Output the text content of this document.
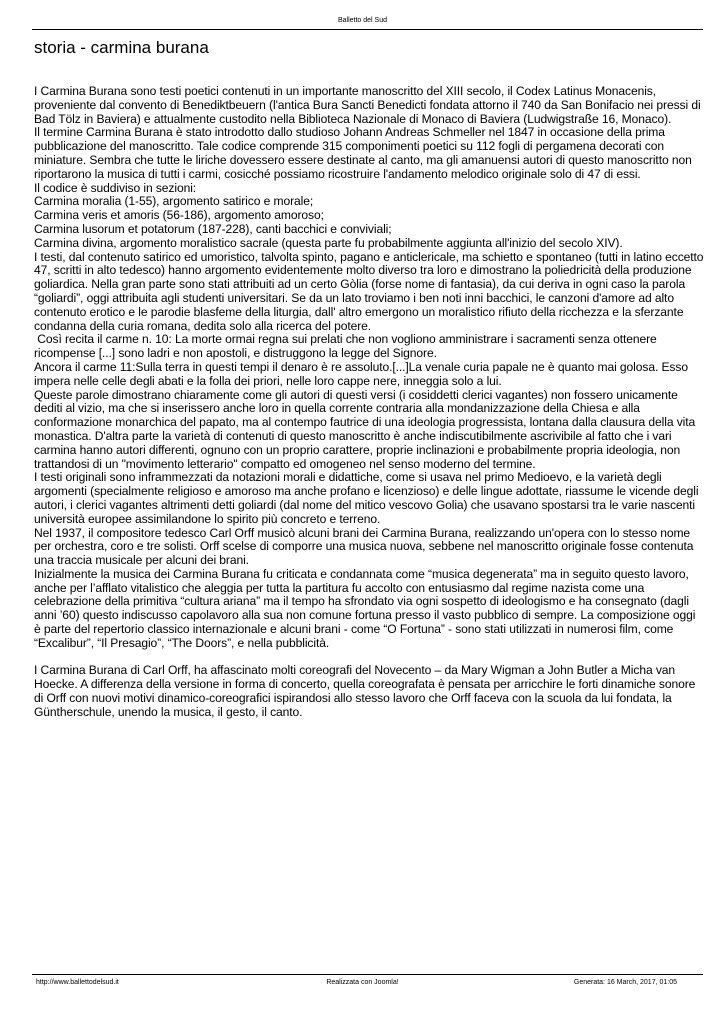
Balletto del Sud
storia - carmina burana

I Carmina Burana sono testi poetici contenuti in un importante manoscritto del XIII secolo, il Codex Latinus Monacenis, proveniente dal convento di Benediktbeuern (l'antica Bura Sancti Benedicti fondata attorno il 740 da San Bonifacio nei pressi di Bad Tölz in Baviera) e attualmente custodito nella Biblioteca Nazionale di Monaco di Baviera (Ludwigstraße 16, Monaco).

Il termine Carmina Burana è stato introdotto dallo studioso Johann Andreas Schmeller nel 1847 in occasione della prima pubblicazione del manoscritto. Tale codice comprende 315 componimenti poetici su 112 fogli di pergamena decorati con miniature. Sembra che tutte le liriche dovessero essere destinate al canto, ma gli amanuensi autori di questo manoscritto non riportarono la musica di tutti i carmi, cosicché possiamo ricostruire l'andamento melodico originale solo di 47 di essi.

Il codice è suddiviso in sezioni:

Carmina moralia (1-55), argomento satirico e morale;

Carmina veris et amoris (56-186), argomento amoroso;

Carmina lusorum et potatorum (187-228), canti bacchici e conviviali;

Carmina divina, argomento moralistico sacrale (questa parte fu probabilmente aggiunta all'inizio del secolo XIV).

I testi, dal contenuto satirico ed umoristico, talvolta spinto, pagano e anticlericale, ma schietto e spontaneo (tutti in latino eccetto 47, scritti in alto tedesco) hanno argomento evidentemente molto diverso tra loro e dimostrano la poliedricità della produzione goliardica. Nella gran parte sono stati attribuiti ad un certo Gòlia (forse nome di fantasia), da cui deriva in ogni caso la parola “goliardi”, oggi attribuita agli studenti universitari. Se da un lato troviamo i ben noti inni bacchici, le canzoni d'amore ad alto contenuto erotico e le parodie blasfeme della liturgia, dall' altro emergono un moralistico rifiuto della ricchezza e la sferzante condanna della curia romana, dedita solo alla ricerca del potere.

Così recita il carme n. 10: La morte ormai regna sui prelati che non vogliono amministrare i sacramenti senza ottenere ricompense [...] sono ladri e non apostoli, e distruggono la legge del Signore.

Ancora il carme 11:Sulla terra in questi tempi il denaro è re assoluto.[...]La venale curia papale ne è quanto mai golosa. Esso impera nelle celle degli abati e la folla dei priori, nelle loro cappe nere, inneggia solo a lui.

Queste parole dimostrano chiaramente come gli autori di questi versi (i cosiddetti clerici vagantes) non fossero unicamente dediti al vizio, ma che si inserissero anche loro in quella corrente contraria alla mondanizzazione della Chiesa e alla conformazione monarchica del papato, ma al contempo fautrice di una ideologia progressista, lontana dalla clausura della vita monastica. D'altra parte la varietà di contenuti di questo manoscritto è anche indiscutibilmente ascrivibile al fatto che i vari carmina hanno autori differenti, ognuno con un proprio carattere, proprie inclinazioni e probabilmente propria ideologia, non trattandosi di un "movimento letterario" compatto ed omogeneo nel senso moderno del termine.

I testi originali sono inframmezzati da notazioni morali e didattiche, come si usava nel primo Medioevo, e la varietà degli argomenti (specialmente religioso e amoroso ma anche profano e licenzioso) e delle lingue adottate, riassume le vicende degli autori, i clerici vagantes altrimenti detti goliardi (dal nome del mitico vescovo Golia) che usavano spostarsi tra le varie nascenti università europee assimilandone lo spirito più concreto e terreno.

Nel 1937, il compositore tedesco Carl Orff musicò alcuni brani dei Carmina Burana, realizzando un'opera con lo stesso nome per orchestra, coro e tre solisti. Orff scelse di comporre una musica nuova, sebbene nel manoscritto originale fosse contenuta una traccia musicale per alcuni dei brani.

Inizialmente la musica dei Carmina Burana fu criticata e condannata come “musica degenerata” ma in seguito questo lavoro, anche per l’afflato vitalistico che aleggia per tutta la partitura fu accolto con entusiasmo dal regime nazista come una celebrazione della primitiva “cultura ariana” ma il tempo ha sfrondato via ogni sospetto di ideologismo e ha consegnato (dagli anni ’60) questo indiscusso capolavoro alla sua non comune fortuna presso il vasto pubblico di sempre. La composizione oggi è parte del repertorio classico internazionale e alcuni brani - come “O Fortuna” - sono stati utilizzati in numerosi film, come “Excalibur”, “Il Presagio”, “The Doors”, e nella pubblicità.

I Carmina Burana di Carl Orff, ha affascinato molti coreografi del Novecento – da Mary Wigman a John Butler a Micha van Hoecke. A differenza della versione in forma di concerto, quella coreografata è pensata per arricchire le forti dinamiche sonore di Orff con nuovi motivi dinamico-coreografici ispirandosi allo stesso lavoro che Orff faceva con la scuola da lui fondata, la Güntherschule, unendo la musica, il gesto, il canto.

http://www.ballettodelsud.it	Realizzata con Joomla!	Generata: 16 March, 2017, 01:05
